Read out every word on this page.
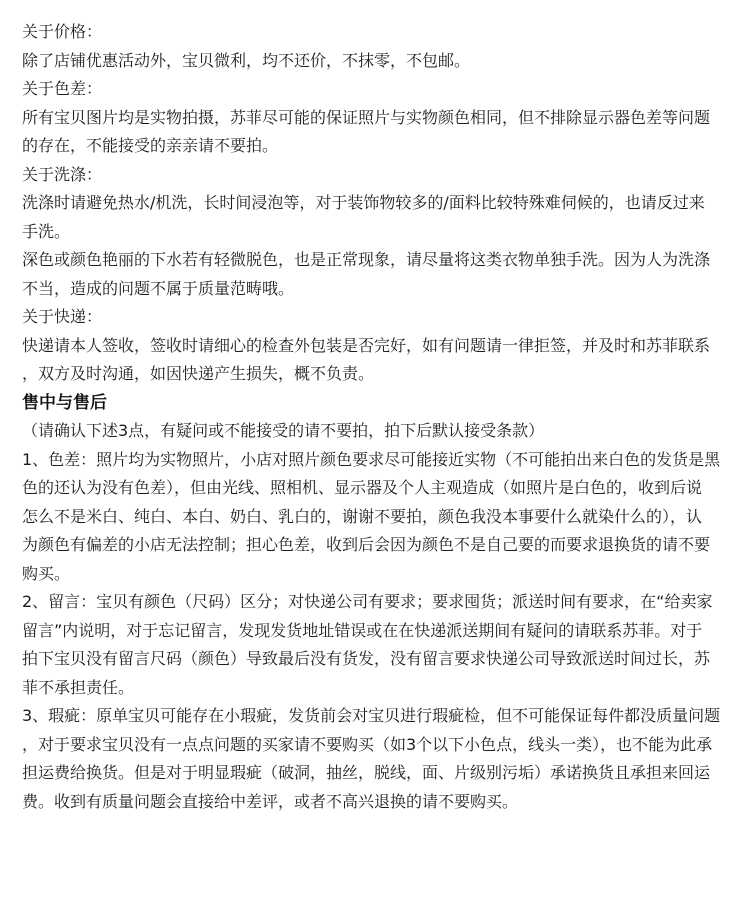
关于价格：

除了店铺优惠活动外，宝贝微利，均不还价，不抹零，不包邮。

关于色差：

所有宝贝图片均是实物拍摄，苏菲尽可能的保证照片与实物颜色相同，但不排除显示器色差等问题

的存在，不能接受的亲亲请不要拍。

关于洗涤：

洗涤时请避免热水/机洗，长时间浸泡等，对于装饰物较多的/面料比较特殊难伺候的，也请反过来

手洗。

深色或颜色艳丽的下水若有轻微脱色，也是正常现象，请尽量将这类衣物单独手洗。因为人为洗涤

不当，造成的问题不属于质量范畴哦。

关于快递：

快递请本人签收，签收时请细心的检查外包装是否完好，如有问题请一律拒签，并及时和苏菲联系

，双方及时沟通，如因快递产生损失，概不负责。

售中与售后

（请确认下述3点，有疑问或不能接受的请不要拍，拍下后默认接受条款）

1、色差：照片均为实物照片，小店对照片颜色要求尽可能接近实物（不可能拍出来白色的发货是黑

色的还认为没有色差），但由光线、照相机、显示器及个人主观造成（如照片是白色的，收到后说

怎么不是米白、纯白、本白、奶白、乳白的，谢谢不要拍，颜色我没本事要什么就染什么的），认

为颜色有偏差的小店无法控制；担心色差，收到后会因为颜色不是自己要的而要求退换货的请不要

购买。

2、留言：宝贝有颜色（尺码）区分；对快递公司有要求；要求囤货；派送时间有要求，在“给卖家

留言”内说明，对于忘记留言，发现发货地址错误或在在快递派送期间有疑问的请联系苏菲。对于

拍下宝贝没有留言尺码（颜色）导致最后没有货发，没有留言要求快递公司导致派送时间过长，苏

菲不承担责任。

3、瑕疵：原单宝贝可能存在小瑕疵，发货前会对宝贝进行瑕疵检，但不可能保证每件都没质量问题

，对于要求宝贝没有一点点问题的买家请不要购买（如3个以下小色点，线头一类），也不能为此承

担运费给换货。但是对于明显瑕疵（破洞，抽丝，脱线，面、片级别污垢）承诺换货且承担来回运

费。收到有质量问题会直接给中差评，或者不高兴退换的请不要购买。
